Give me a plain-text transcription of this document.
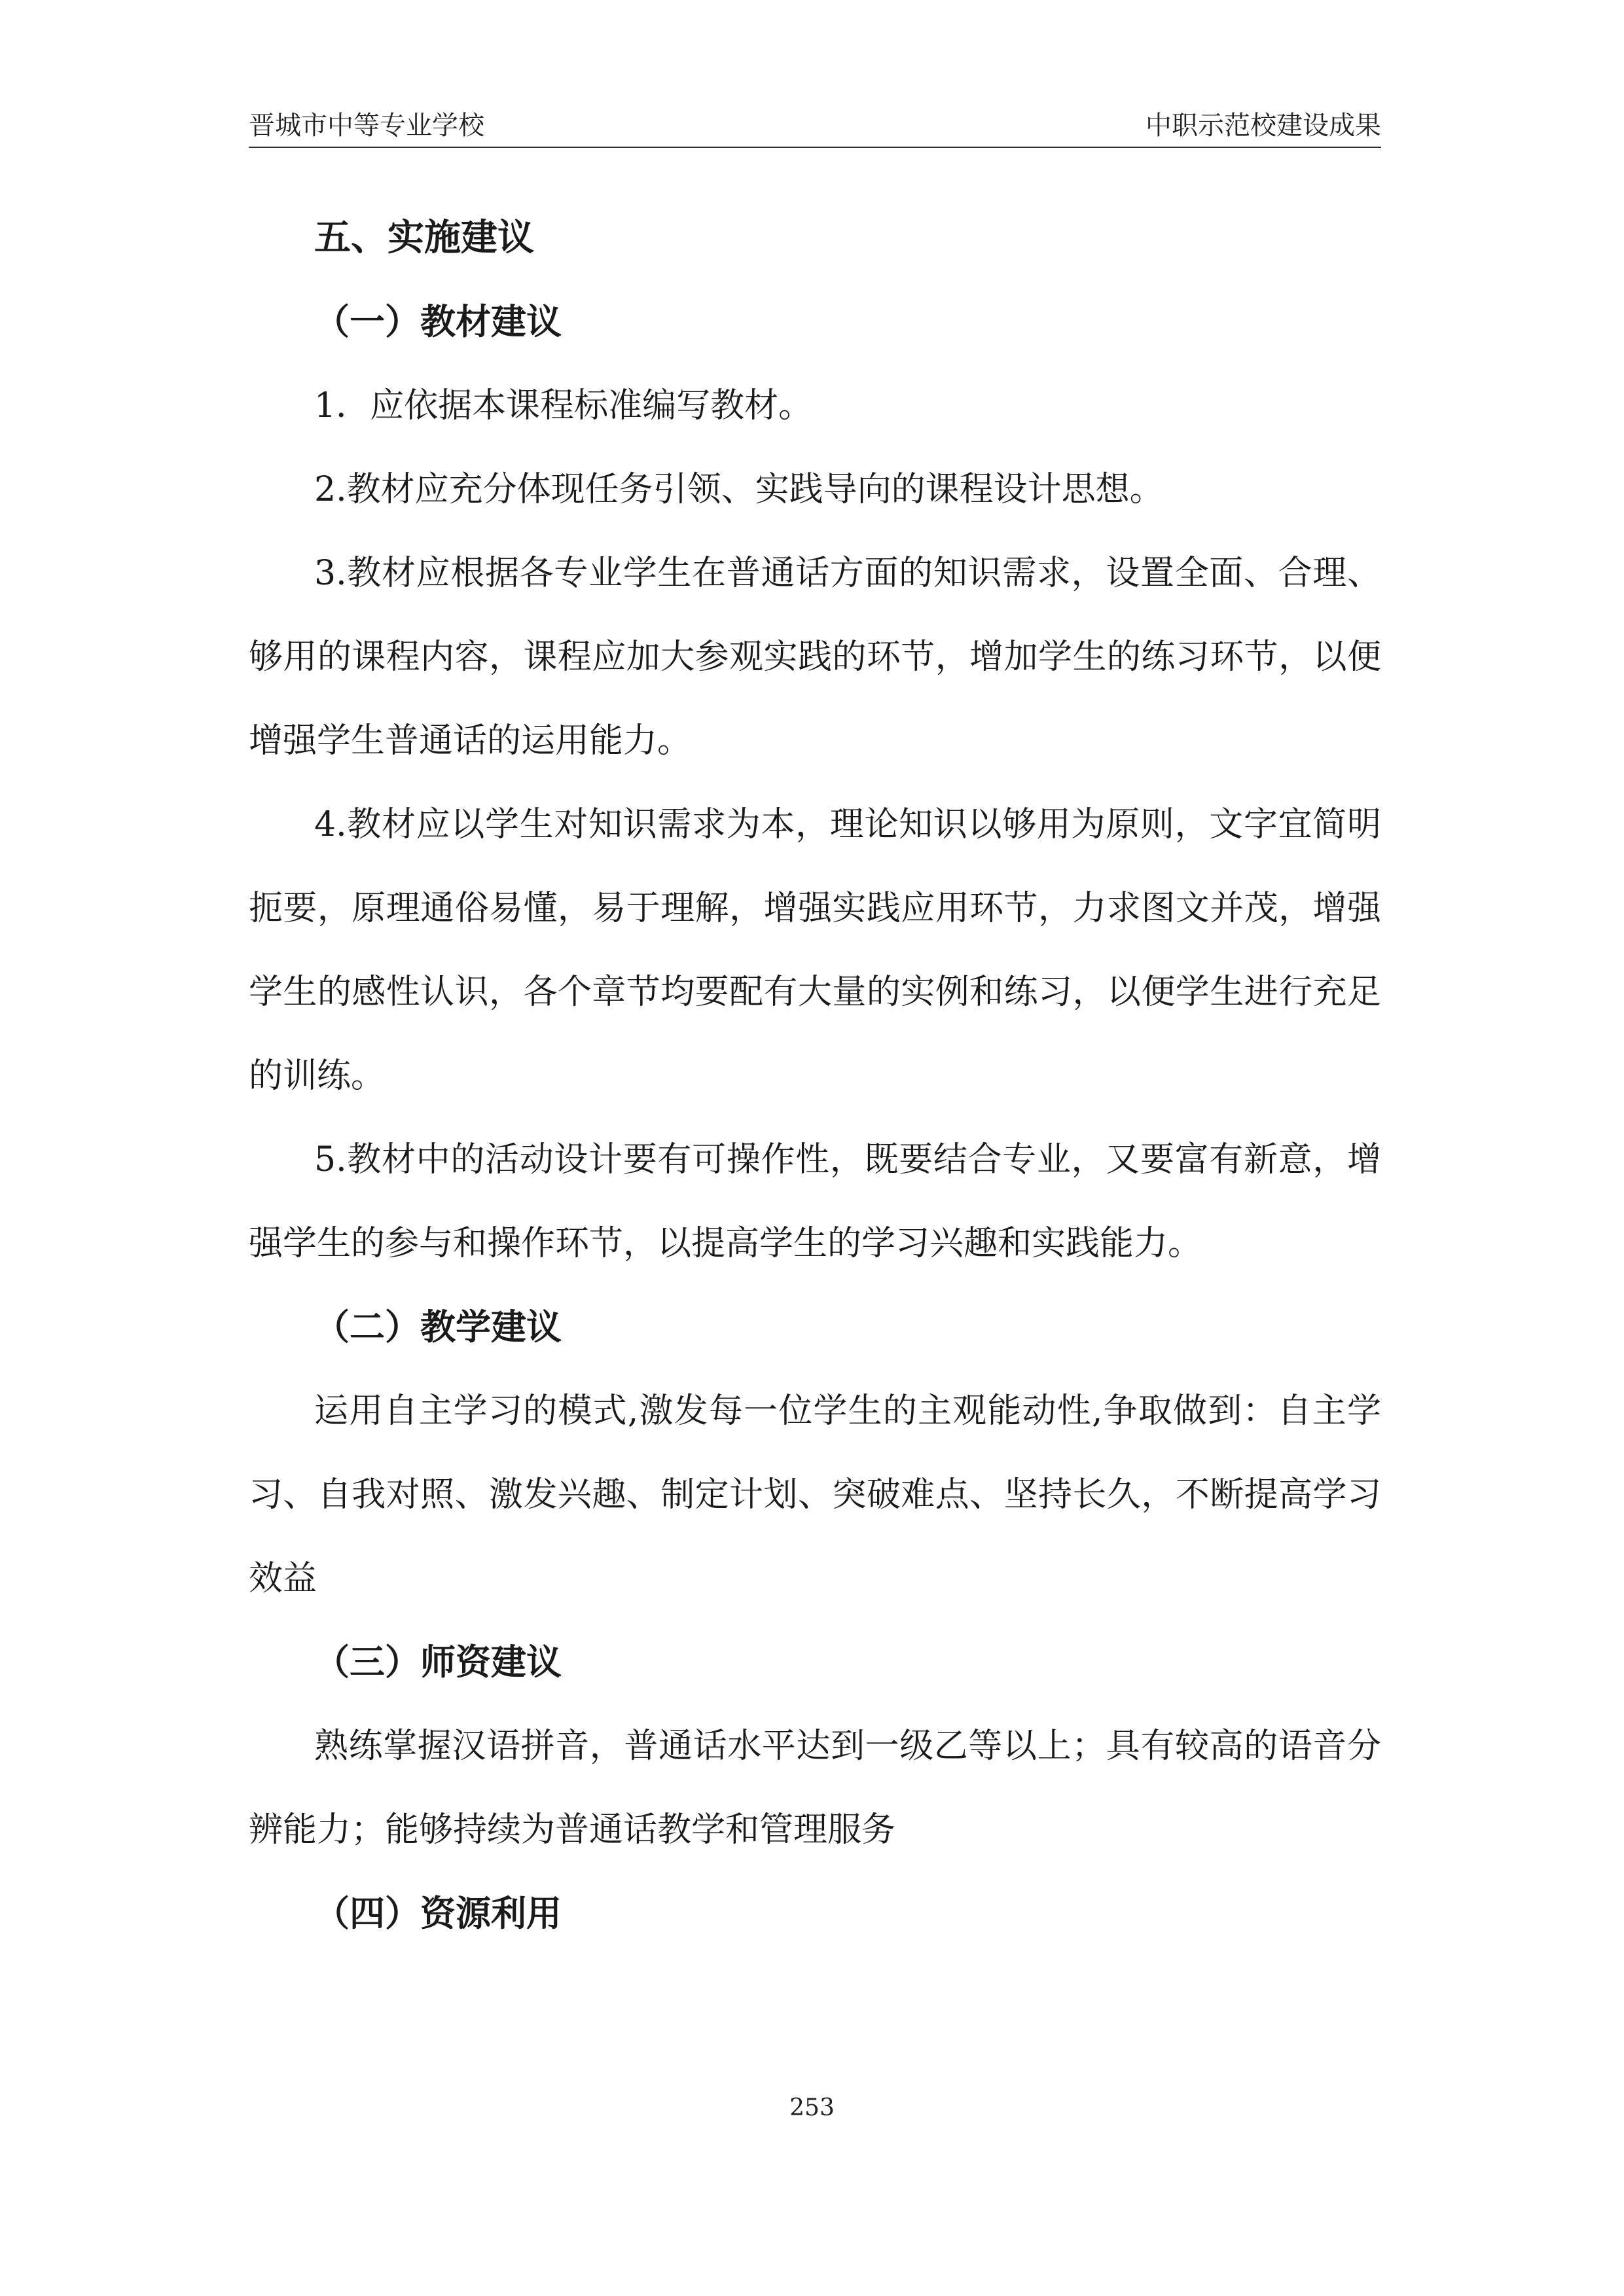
晋城市中等专业学校	中职示范校建设成果
五、实施建议
（一）教材建议

1．应依据本课程标准编写教材。

2.教材应充分体现任务引领、实践导向的课程设计思想。

3.教材应根据各专业学生在普通话方面的知识需求，设置全面、合理、够用的课程内容，课程应加大参观实践的环节，增加学生的练习环节，以便增强学生普通话的运用能力。

4.教材应以学生对知识需求为本，理论知识以够用为原则，文字宜简明扼要，原理通俗易懂，易于理解，增强实践应用环节，力求图文并茂，增强学生的感性认识，各个章节均要配有大量的实例和练习，以便学生进行充足的训练。

5.教材中的活动设计要有可操作性，既要结合专业，又要富有新意，增强学生的参与和操作环节，以提高学生的学习兴趣和实践能力。

（二）教学建议

运用自主学习的模式,激发每一位学生的主观能动性,争取做到：自主学习、自我对照、激发兴趣、制定计划、突破难点、坚持长久，不断提高学习效益

（三）师资建议

熟练掌握汉语拼音，普通话水平达到一级乙等以上；具有较高的语音分辨能力；能够持续为普通话教学和管理服务

（四）资源利用
253
